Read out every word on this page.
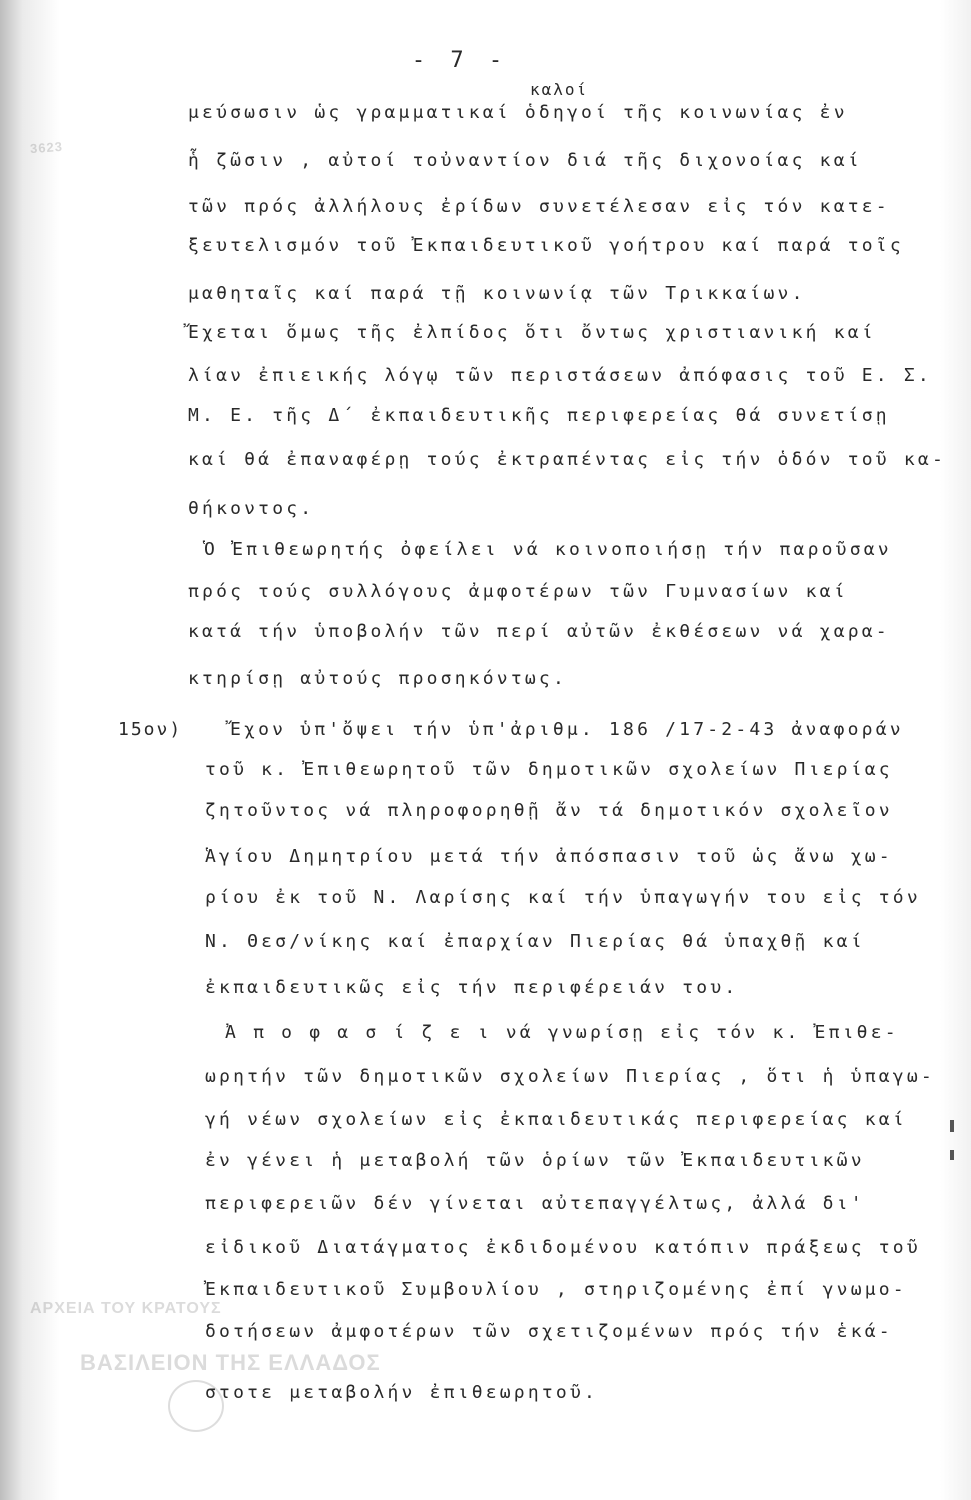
ΒΑΣΙΛΕΙΟΝ ΤΗΣ ΕΛΛΑΔΟΣ
ΑΡΧΕΙΑ ΤΟΥ ΚΡΑΤΟΥΣ
3623
- 7 -
καλοί
15ον)
μεύσωσιν ὡς γραμματικαί ὁδηγοί τῆς κοινωνίας ἐν
ἧ ζῶσιν , αὐτοί τοὐναντίον διά τῆς διχονοίας καί
τῶν πρός ἀλλήλους ἐρίδων συνετέλεσαν εἰς τόν κατε-
ξευτελισμόν τοῦ Ἐκπαιδευτικοῦ γοήτρου καί παρά τοῖς
μαθηταῖς καί παρά τῇ κοινωνίᾳ τῶν Τρικκαίων.
Ἔχεται ὅμως τῆς ἐλπίδος ὅτι ὄντως χριστιανική καί
λίαν ἐπιεικής λόγῳ τῶν περιστάσεων ἀπόφασις τοῦ Ε. Σ.
Μ. Ε. τῆς Δ΄ ἐκπαιδευτικῆς περιφερείας θά συνετίσῃ
καί θά ἐπαναφέρῃ τούς ἐκτραπέντας εἰς τήν ὁδόν τοῦ κα-
θήκοντος.
Ὁ Ἐπιθεωρητής ὀφείλει νά κοινοποιήσῃ τήν παροῦσαν
πρός τούς συλλόγους ἀμφοτέρων τῶν Γυμνασίων καί
κατά τήν ὑποβολήν τῶν περί αὐτῶν ἐκθέσεων νά χαρα-
κτηρίσῃ αὐτούς προσηκόντως.
Ἔχον ὑπ'ὄψει τήν ὑπ'ἀριθμ. 186 /17-2-43 ἀναφοράν
τοῦ κ. Ἐπιθεωρητοῦ τῶν δημοτικῶν σχολείων Πιερίας
ζητοῦντος νά πληροφορηθῇ ἄν τά δημοτικόν σχολεῖον
Ἁγίου Δημητρίου μετά τήν ἀπόσπασιν τοῦ ὡς ἄνω χω-
ρίου ἐκ τοῦ Ν. Λαρίσης καί τήν ὑπαγωγήν του εἰς τόν
Ν. Θεσ/νίκης καί ἐπαρχίαν Πιερίας θά ὑπαχθῇ καί
ἐκπαιδευτικῶς εἰς τήν περιφέρειάν του.
Ἀ π ο φ α σ ί ζ ε ι νά γνωρίσῃ εἰς τόν κ. Ἐπιθε-
ωρητήν τῶν δημοτικῶν σχολείων Πιερίας , ὅτι ἡ ὑπαγω-
γή νέων σχολείων εἰς ἐκπαιδευτικάς περιφερείας καί
ἐν γένει ἡ μεταβολή τῶν ὁρίων τῶν Ἐκπαιδευτικῶν
περιφερειῶν δέν γίνεται αὐτεπαγγέλτως, ἀλλά δι'
εἰδικοῦ Διατάγματος ἐκδιδομένου κατόπιν πράξεως τοῦ
Ἐκπαιδευτικοῦ Συμβουλίου , στηριζομένης ἐπί γνωμο-
δοτήσεων ἀμφοτέρων τῶν σχετιζομένων πρός τήν ἑκά-
στοτε μεταβολήν ἐπιθεωρητοῦ.
